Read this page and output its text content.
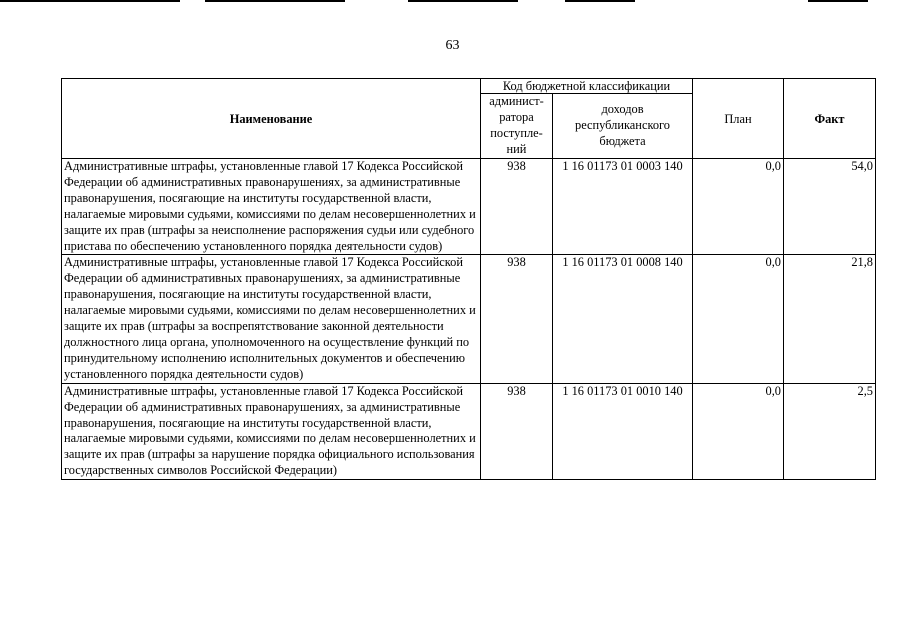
63
Наименование	Код бюджетной классификации		План	Факт
	админист-ратора поступле-ний	доходов республиканского бюджета		
Административные штрафы, установленные главой 17 Кодекса Российской Федерации об административных правонарушениях, за административные правонарушения, посягающие на институты государственной власти, налагаемые мировыми судьями, комиссиями по делам несовершеннолетних и защите их прав (штрафы за неисполнение распоряжения судьи или судебного пристава по обеспечению установленного порядка деятельности судов)	938	1 16 01173 01 0003 140	0,0	54,0
Административные штрафы, установленные главой 17 Кодекса Российской Федерации об административных правонарушениях, за административные правонарушения, посягающие на институты государственной власти, налагаемые мировыми судьями, комиссиями по делам несовершеннолетних и защите их прав (штрафы за воспрепятствование законной деятельности должностного лица органа, уполномоченного на осуществление функций по принудительному исполнению исполнительных документов и обеспечению установленного порядка деятельности судов)	938	1 16 01173 01 0008 140	0,0	21,8
Административные штрафы, установленные главой 17 Кодекса Российской Федерации об административных правонарушениях, за административные правонарушения, посягающие на институты государственной власти, налагаемые мировыми судьями, комиссиями по делам несовершеннолетних и защите их прав (штрафы за нарушение порядка официального использования государственных символов Российской Федерации)	938	1 16 01173 01 0010 140	0,0	2,5
